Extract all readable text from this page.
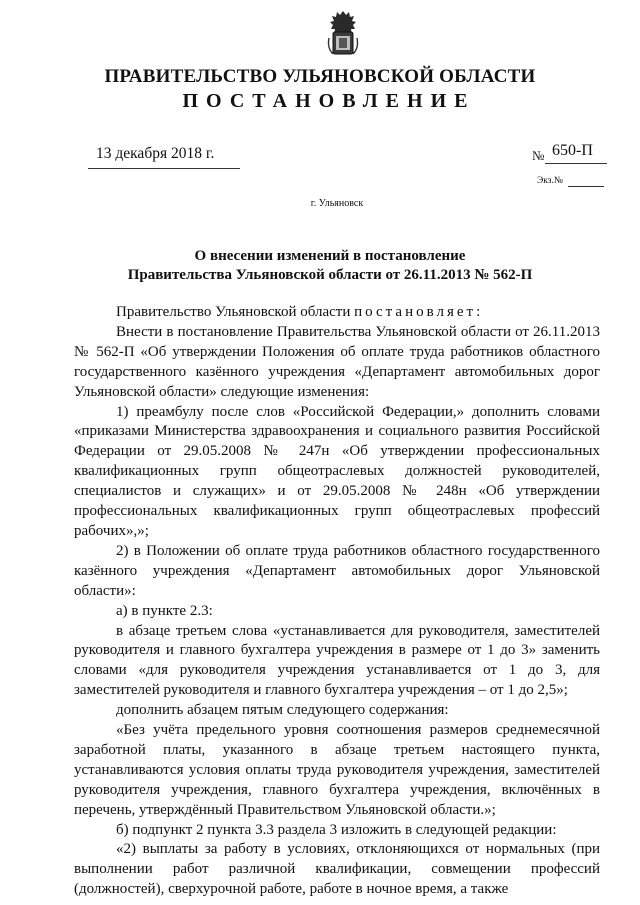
ПРАВИТЕЛЬСТВО УЛЬЯНОВСКОЙ ОБЛАСТИ
ПОСТАНОВЛЕНИЕ
13 декабря 2018 г.	№ 650-П
Экз.№
г. Ульяновск
О внесении изменений в постановление
Правительства Ульяновской области от 26.11.2013 № 562-П

Правительство Ульяновской области постановляет:

Внести в постановление Правительства Ульяновской области от 26.11.2013 № 562-П «Об утверждении Положения об оплате труда работников областного государственного казённого учреждения «Департамент автомобильных дорог Ульяновской области» следующие изменения:

1) преамбулу после слов «Российской Федерации,» дополнить словами «приказами Министерства здравоохранения и социального развития Российской Федерации от 29.05.2008 № 247н «Об утверждении профессиональных квалификационных групп общеотраслевых должностей руководителей, специалистов и служащих» и от 29.05.2008 № 248н «Об утверждении профессиональных квалификационных групп общеотраслевых профессий рабочих»,»;

2) в Положении об оплате труда работников областного государственного казённого учреждения «Департамент автомобильных дорог Ульяновской области»:

а) в пункте 2.3:

в абзаце третьем слова «устанавливается для руководителя, заместителей руководителя и главного бухгалтера учреждения в размере от 1 до 3» заменить словами «для руководителя учреждения устанавливается от 1 до 3, для заместителей руководителя и главного бухгалтера учреждения – от 1 до 2,5»;

дополнить абзацем пятым следующего содержания:

«Без учёта предельного уровня соотношения размеров среднемесячной заработной платы, указанного в абзаце третьем настоящего пункта, устанавливаются условия оплаты труда руководителя учреждения, заместителей руководителя учреждения, главного бухгалтера учреждения, включённых в перечень, утверждённый Правительством Ульяновской области.»;

б) подпункт 2 пункта 3.3 раздела 3 изложить в следующей редакции:

«2) выплаты за работу в условиях, отклоняющихся от нормальных (при выполнении работ различной квалификации, совмещении профессий (должностей), сверхурочной работе, работе в ночное время, а также
